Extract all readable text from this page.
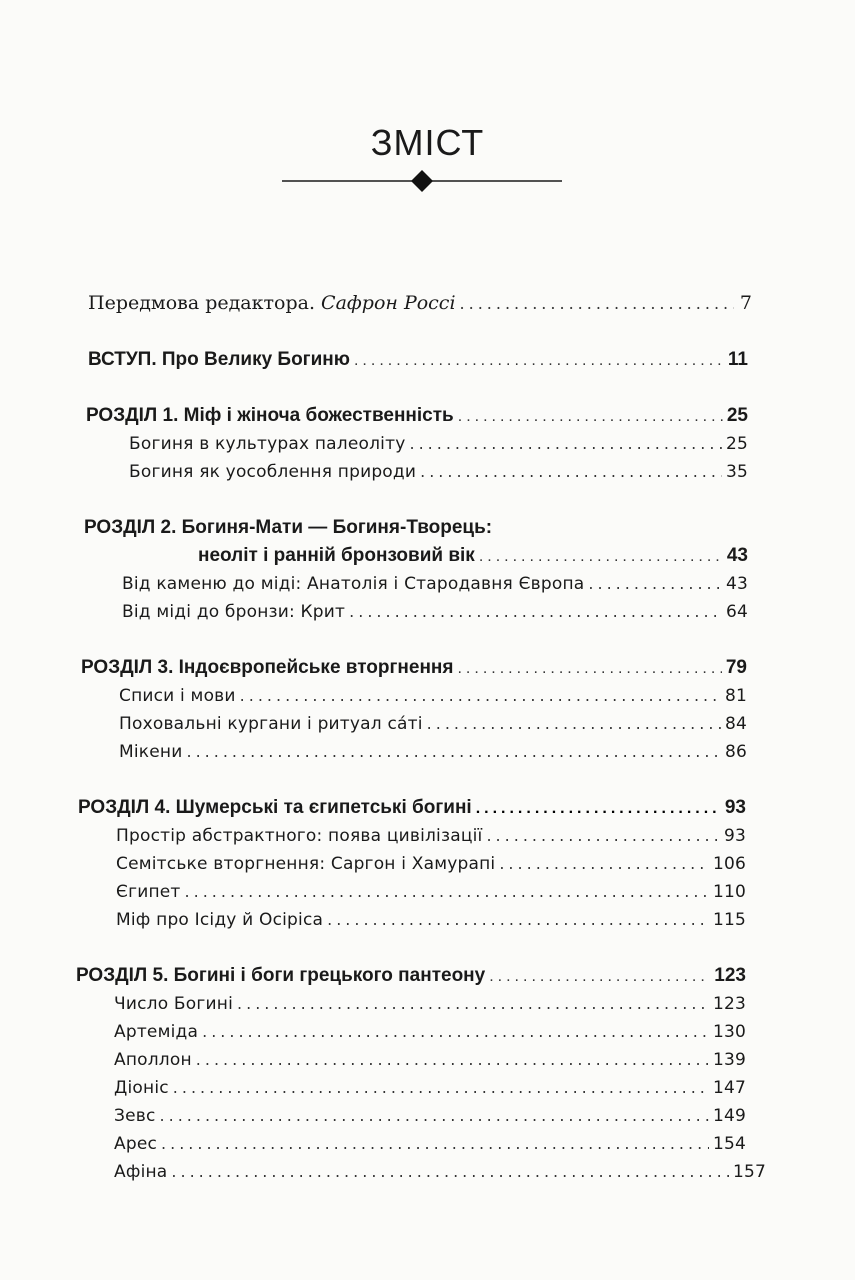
ЗМІСТ
Передмова редактора. Сафрон Россі .....	7
ВСТУП. Про Велику Богиню .....	11
РОЗДІЛ 1. Міф і жіноча божественність .....	25
Богиня в культурах палеоліту .....	25
Богиня як уособлення природи .....	35
РОЗДІЛ 2. Богиня-Мати — Богиня-Творець:
неоліт і ранній бронзовий вік .....	43
Від каменю до міді: Анатолія і Стародавня Європа .....	43
Від міді до бронзи: Крит .....	64
РОЗДІЛ 3. Індоєвропейське вторгнення .....	79
Списи і мови .....	81
Поховальні кургани і ритуал са́ті .....	84
Мікени .....	86
РОЗДІЛ 4. Шумерські та єгипетські богині .....	93
Простір абстрактного: поява цивілізації .....	93
Семітське вторгнення: Саргон і Хамурапі .....	106
Єгипет .....	110
Міф про Ісіду й Осіріса .....	115
РОЗДІЛ 5. Богині і боги грецького пантеону .....	123
Число Богині .....	123
Артеміда .....	130
Аполлон .....	139
Діоніс .....	147
Зевс .....	149
Арес .....	154
Афіна .....	157
